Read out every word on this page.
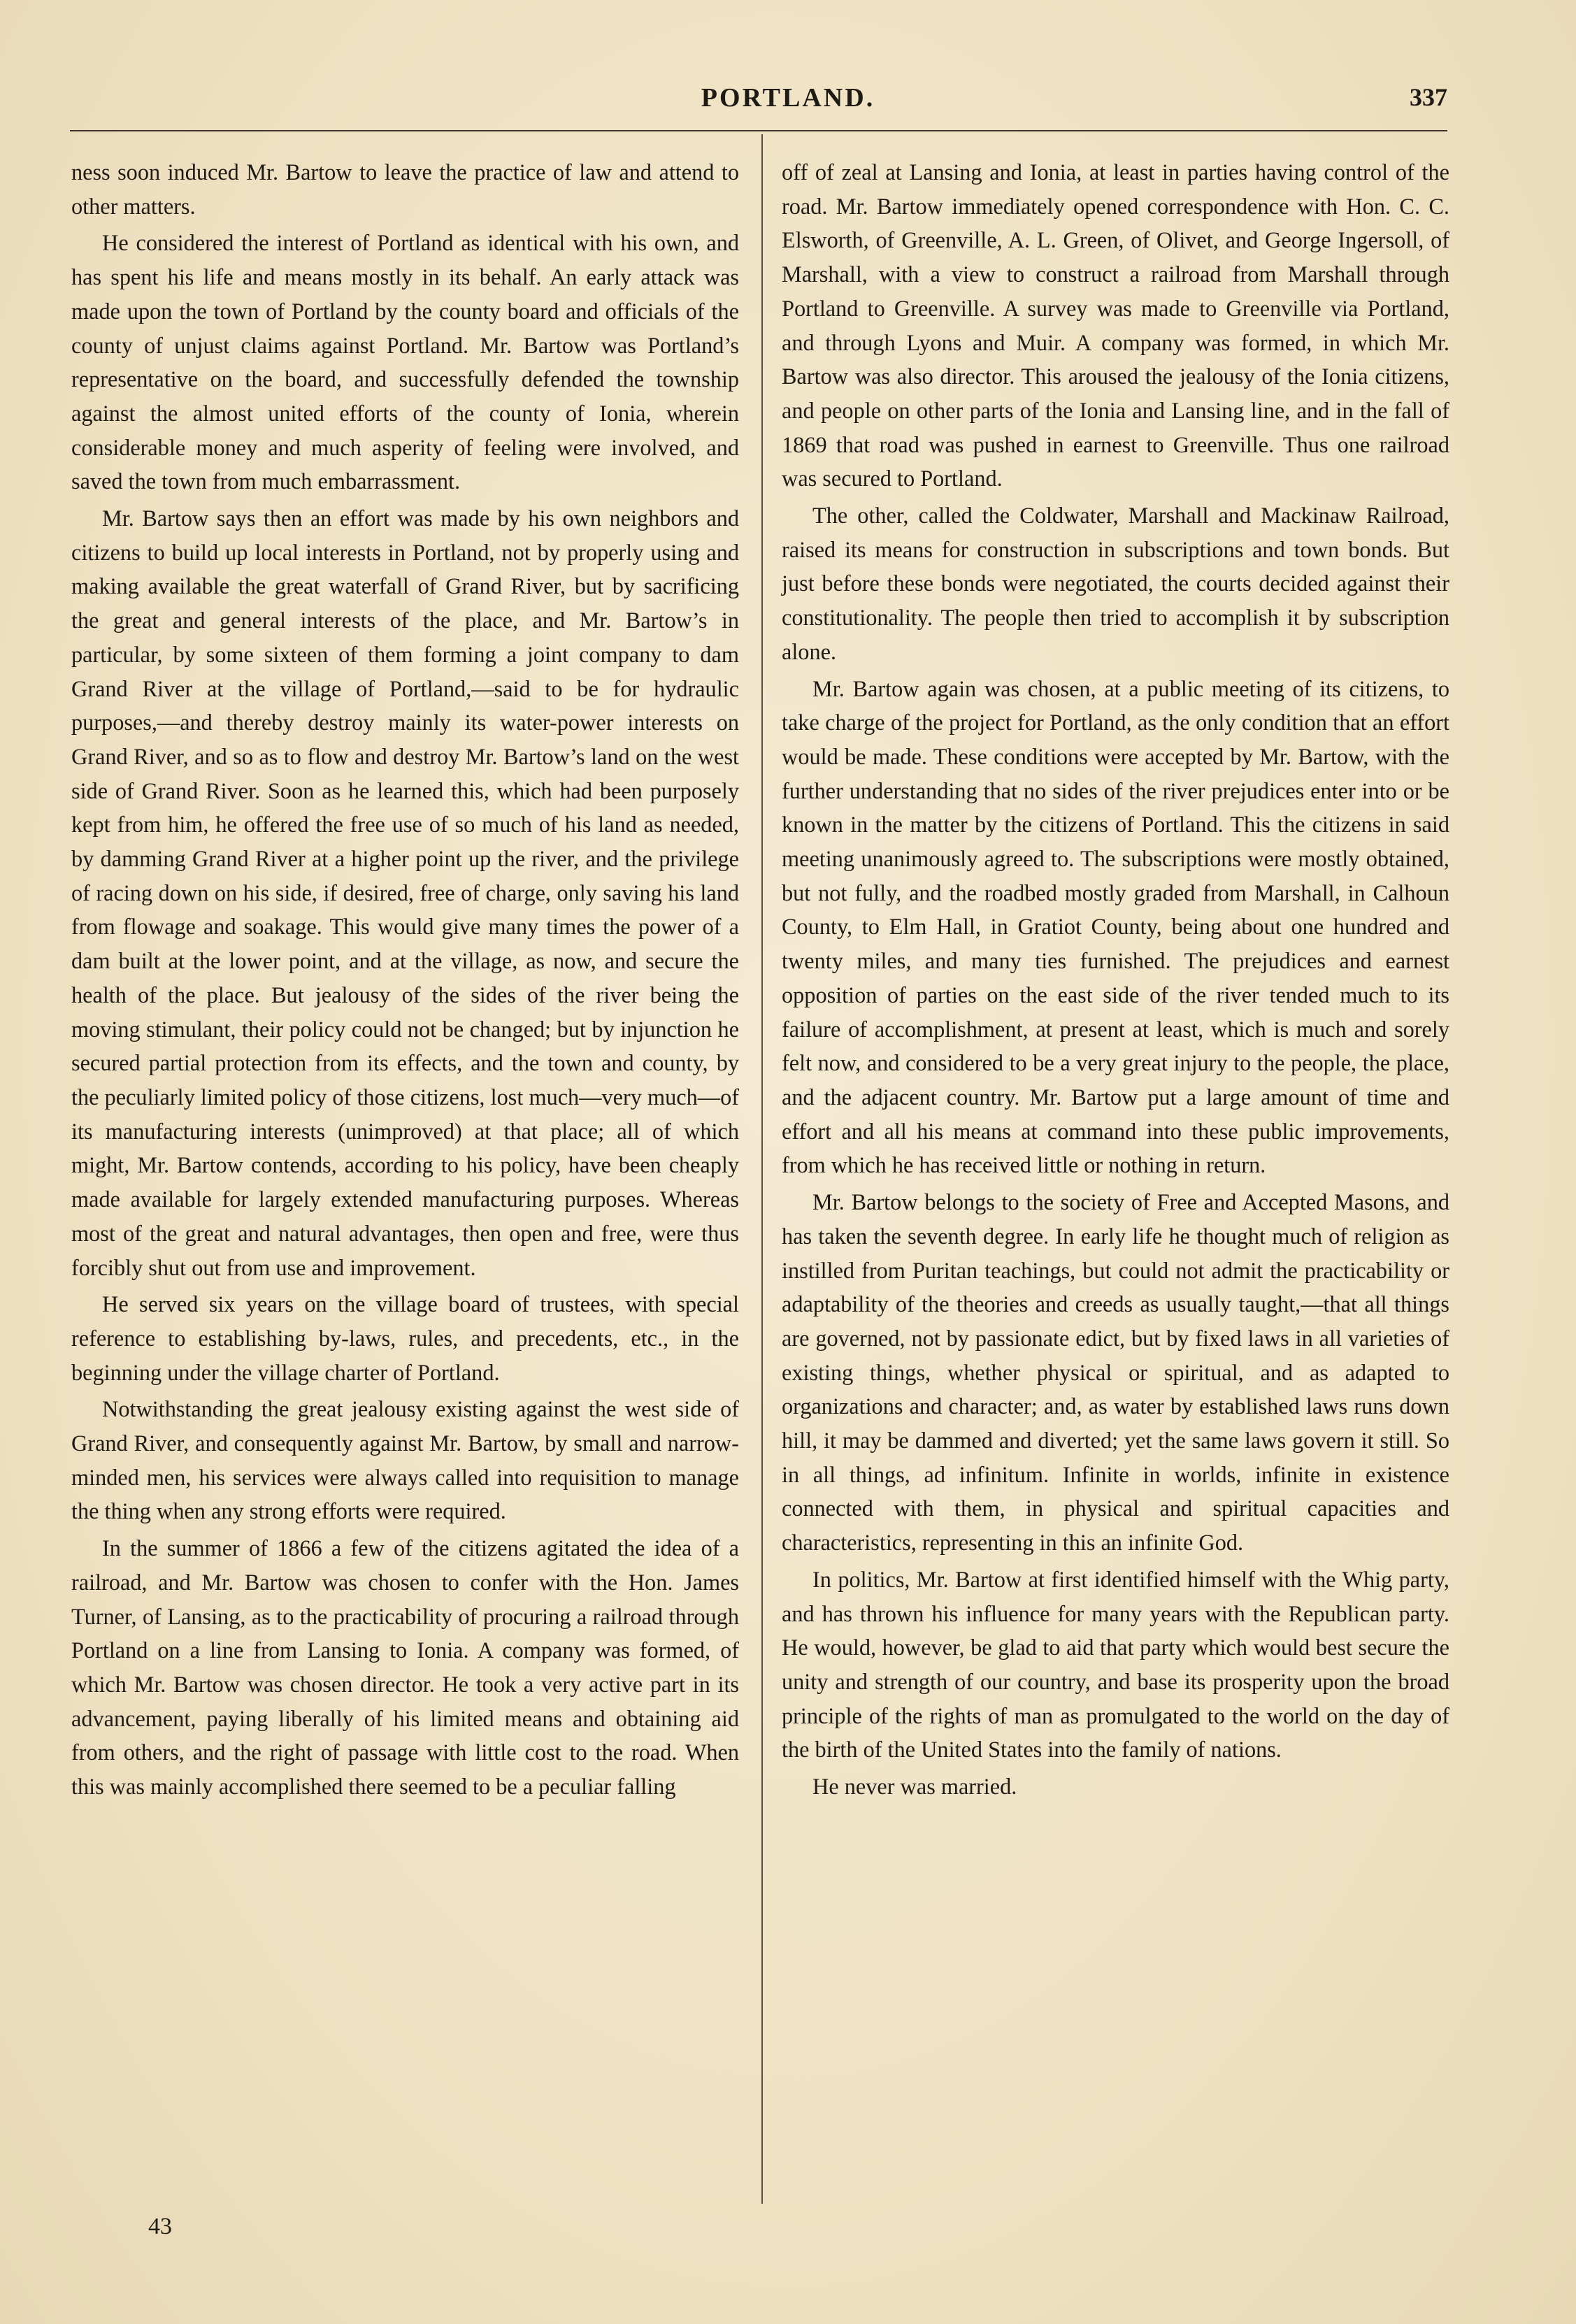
PORTLAND.	337

ness soon induced Mr. Bartow to leave the practice of law and attend to other matters.

He considered the interest of Portland as identical with his own, and has spent his life and means mostly in its behalf. An early attack was made upon the town of Portland by the county board and officials of the county of unjust claims against Portland. Mr. Bartow was Portland’s representative on the board, and successfully defended the township against the almost united efforts of the county of Ionia, wherein considerable money and much asperity of feeling were involved, and saved the town from much embarrassment.

Mr. Bartow says then an effort was made by his own neighbors and citizens to build up local interests in Portland, not by properly using and making available the great waterfall of Grand River, but by sacrificing the great and general interests of the place, and Mr. Bartow’s in particular, by some sixteen of them forming a joint company to dam Grand River at the village of Portland,—said to be for hydraulic purposes,—and thereby destroy mainly its water-power interests on Grand River, and so as to flow and destroy Mr. Bartow’s land on the west side of Grand River. Soon as he learned this, which had been purposely kept from him, he offered the free use of so much of his land as needed, by damming Grand River at a higher point up the river, and the privilege of racing down on his side, if desired, free of charge, only saving his land from flowage and soakage. This would give many times the power of a dam built at the lower point, and at the village, as now, and secure the health of the place. But jealousy of the sides of the river being the moving stimulant, their policy could not be changed; but by injunction he secured partial protection from its effects, and the town and county, by the peculiarly limited policy of those citizens, lost much—very much—of its manufacturing interests (unimproved) at that place; all of which might, Mr. Bartow contends, according to his policy, have been cheaply made available for largely extended manufacturing purposes. Whereas most of the great and natural advantages, then open and free, were thus forcibly shut out from use and improvement.

He served six years on the village board of trustees, with special reference to establishing by-laws, rules, and precedents, etc., in the beginning under the village charter of Portland.

Notwithstanding the great jealousy existing against the west side of Grand River, and consequently against Mr. Bartow, by small and narrow-minded men, his services were always called into requisition to manage the thing when any strong efforts were required.

In the summer of 1866 a few of the citizens agitated the idea of a railroad, and Mr. Bartow was chosen to confer with the Hon. James Turner, of Lansing, as to the practicability of procuring a railroad through Portland on a line from Lansing to Ionia. A company was formed, of which Mr. Bartow was chosen director. He took a very active part in its advancement, paying liberally of his limited means and obtaining aid from others, and the right of passage with little cost to the road. When this was mainly accomplished there seemed to be a peculiar falling

off of zeal at Lansing and Ionia, at least in parties having control of the road. Mr. Bartow immediately opened correspondence with Hon. C. C. Elsworth, of Greenville, A. L. Green, of Olivet, and George Ingersoll, of Marshall, with a view to construct a railroad from Marshall through Portland to Greenville. A survey was made to Greenville via Portland, and through Lyons and Muir. A company was formed, in which Mr. Bartow was also director. This aroused the jealousy of the Ionia citizens, and people on other parts of the Ionia and Lansing line, and in the fall of 1869 that road was pushed in earnest to Greenville. Thus one railroad was secured to Portland.

The other, called the Coldwater, Marshall and Mackinaw Railroad, raised its means for construction in subscriptions and town bonds. But just before these bonds were negotiated, the courts decided against their constitutionality. The people then tried to accomplish it by subscription alone.

Mr. Bartow again was chosen, at a public meeting of its citizens, to take charge of the project for Portland, as the only condition that an effort would be made. These conditions were accepted by Mr. Bartow, with the further understanding that no sides of the river prejudices enter into or be known in the matter by the citizens of Portland. This the citizens in said meeting unanimously agreed to. The subscriptions were mostly obtained, but not fully, and the roadbed mostly graded from Marshall, in Calhoun County, to Elm Hall, in Gratiot County, being about one hundred and twenty miles, and many ties furnished. The prejudices and earnest opposition of parties on the east side of the river tended much to its failure of accomplishment, at present at least, which is much and sorely felt now, and considered to be a very great injury to the people, the place, and the adjacent country. Mr. Bartow put a large amount of time and effort and all his means at command into these public improvements, from which he has received little or nothing in return.

Mr. Bartow belongs to the society of Free and Accepted Masons, and has taken the seventh degree. In early life he thought much of religion as instilled from Puritan teachings, but could not admit the practicability or adaptability of the theories and creeds as usually taught,—that all things are governed, not by passionate edict, but by fixed laws in all varieties of existing things, whether physical or spiritual, and as adapted to organizations and character; and, as water by established laws runs down hill, it may be dammed and diverted; yet the same laws govern it still. So in all things, ad infinitum. Infinite in worlds, infinite in existence connected with them, in physical and spiritual capacities and characteristics, representing in this an infinite God.

In politics, Mr. Bartow at first identified himself with the Whig party, and has thrown his influence for many years with the Republican party. He would, however, be glad to aid that party which would best secure the unity and strength of our country, and base its prosperity upon the broad principle of the rights of man as promulgated to the world on the day of the birth of the United States into the family of nations.

He never was married.

43
